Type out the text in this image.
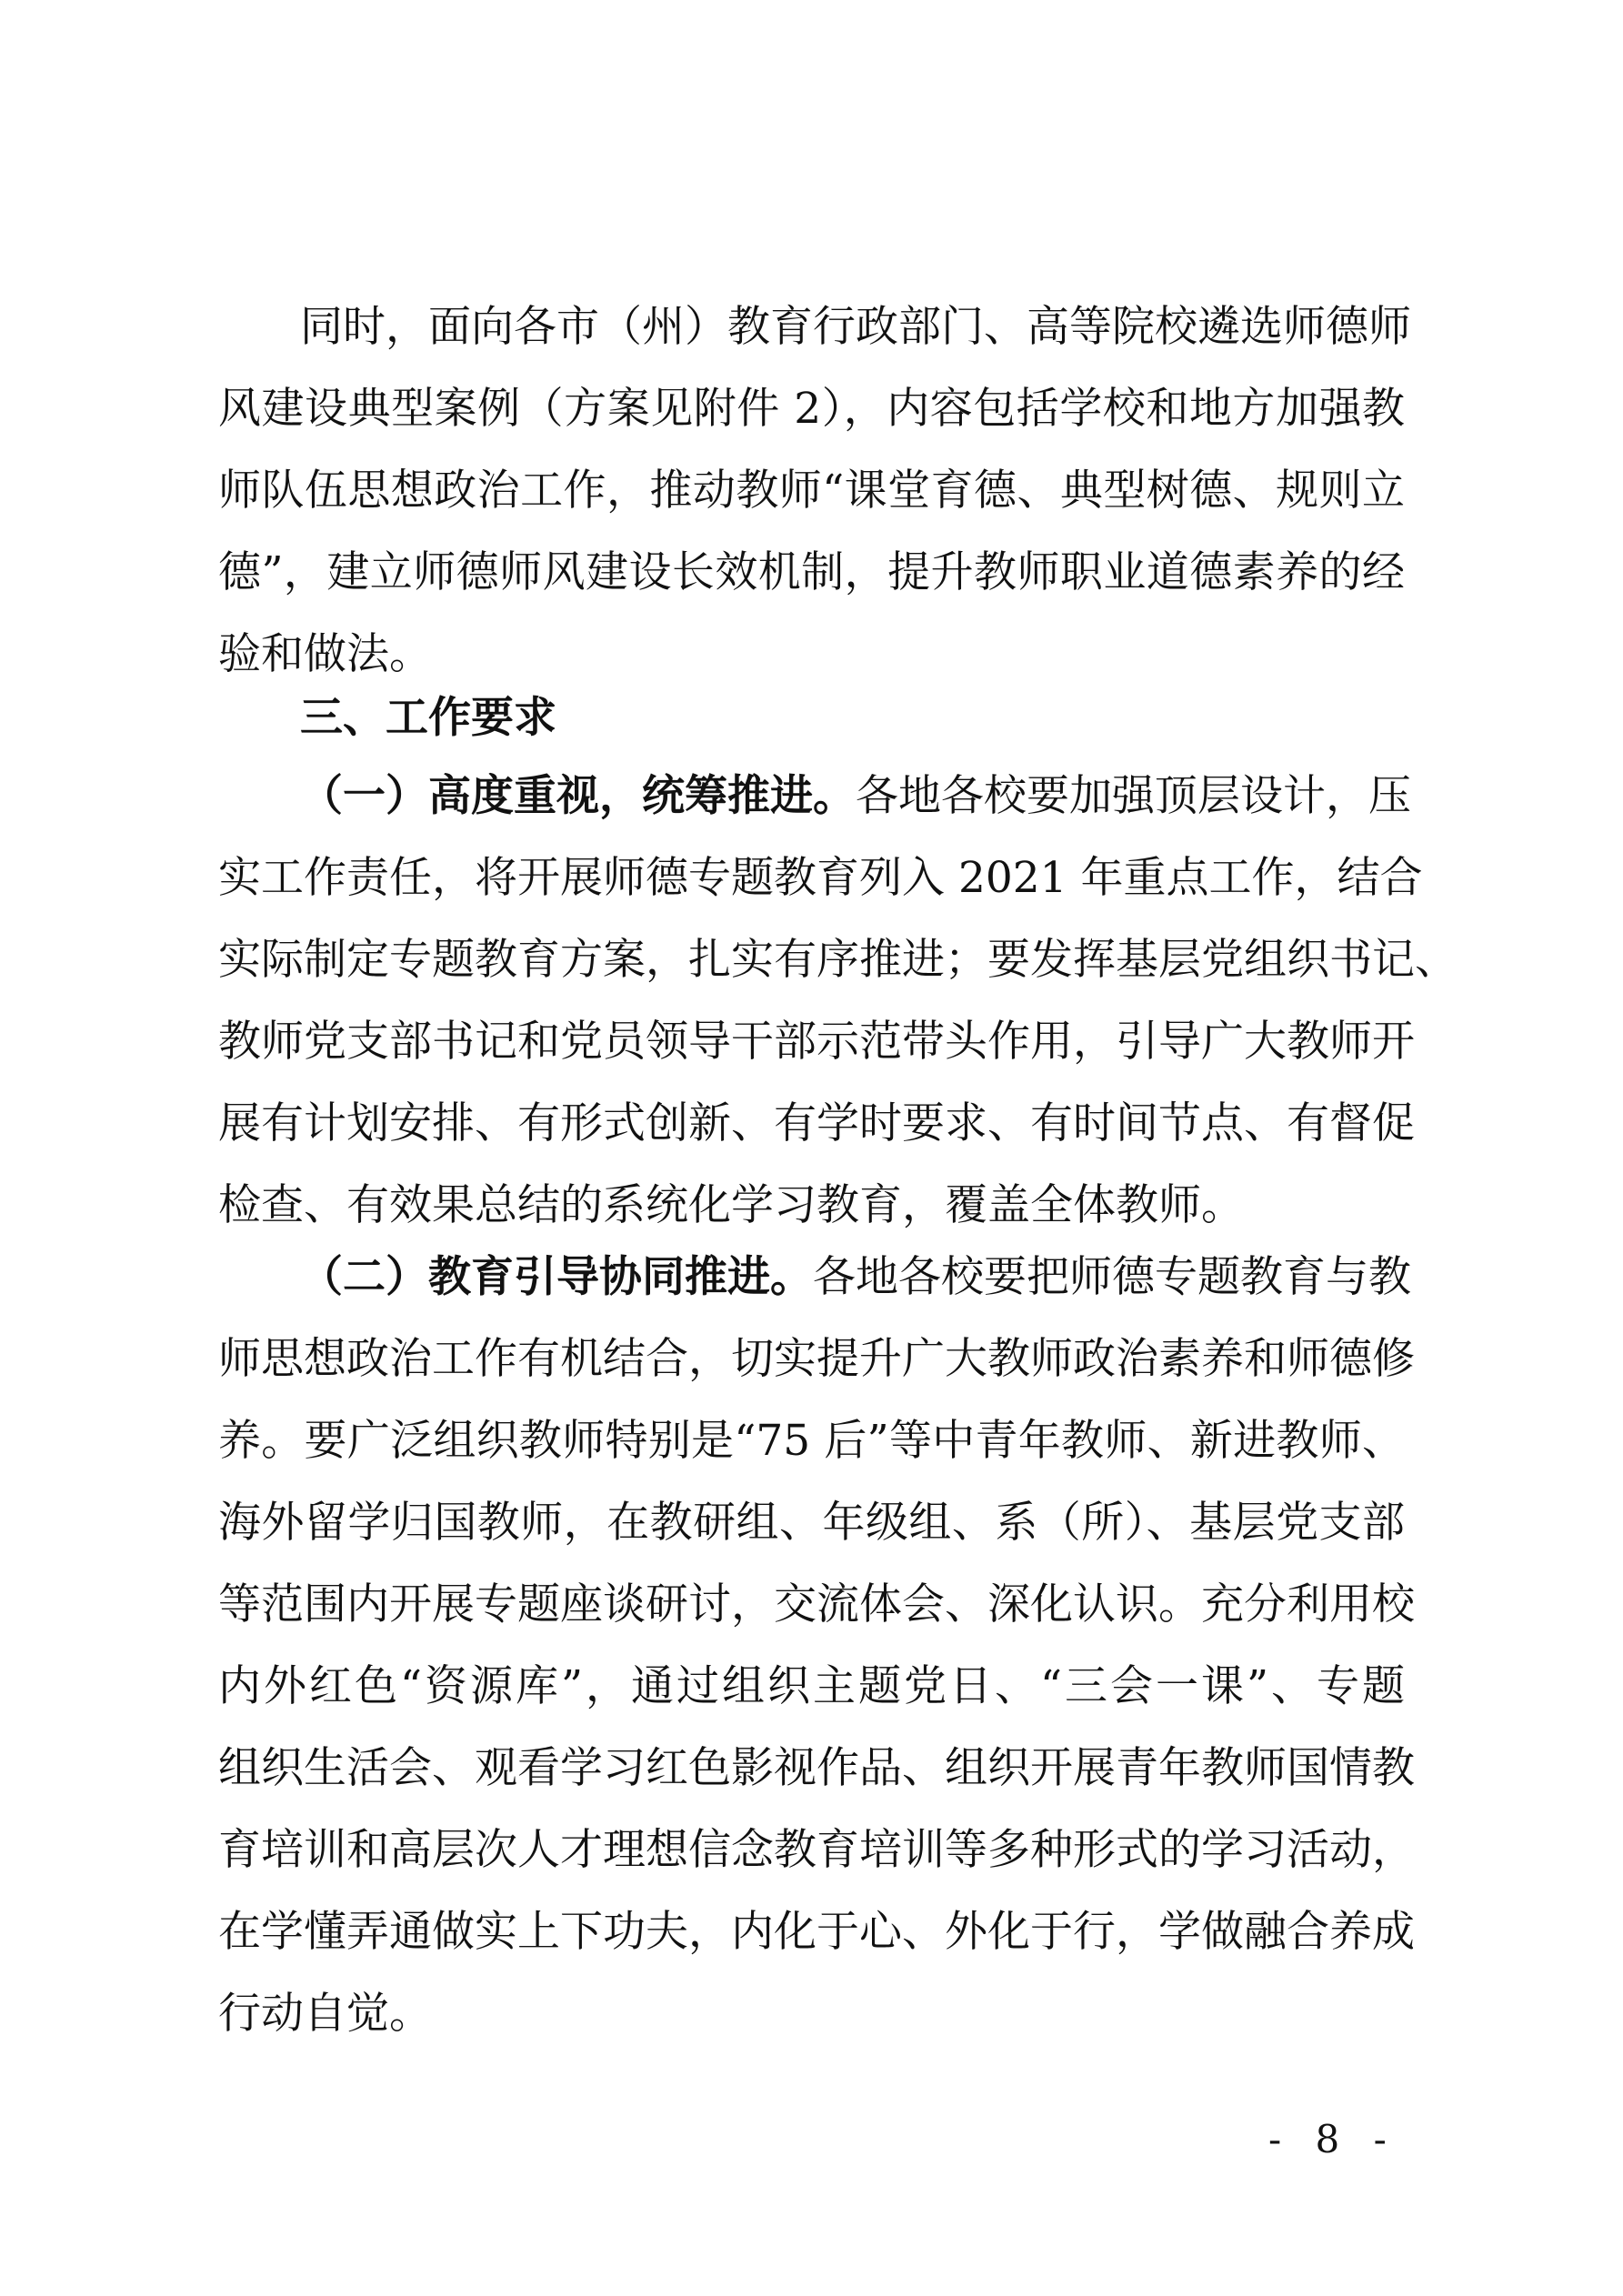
同时，面向各市（州）教育行政部门、高等院校遴选师德师
风建设典型案例（方案见附件 2），内容包括学校和地方加强教
师队伍思想政治工作，推动教师“课堂育德、典型树德、规则立
德”，建立师德师风建设长效机制，提升教师职业道德素养的经
验和做法。
三、工作要求
（一）高度重视，统筹推进。各地各校要加强顶层设计，压
实工作责任，将开展师德专题教育列入 2021 年重点工作，结合
实际制定专题教育方案，扎实有序推进；要发挥基层党组织书记、
教师党支部书记和党员领导干部示范带头作用，引导广大教师开
展有计划安排、有形式创新、有学时要求、有时间节点、有督促
检查、有效果总结的系统化学习教育，覆盖全体教师。
（二）教育引导协同推进。各地各校要把师德专题教育与教
师思想政治工作有机结合，切实提升广大教师政治素养和师德修
养。要广泛组织教师特别是“75 后”等中青年教师、新进教师、
海外留学归国教师，在教研组、年级组、系（所）、基层党支部
等范围内开展专题座谈研讨，交流体会、深化认识。充分利用校
内外红色“资源库”，通过组织主题党日、“三会一课”、专题
组织生活会、观看学习红色影视作品、组织开展青年教师国情教
育培训和高层次人才理想信念教育培训等多种形式的学习活动，
在学懂弄通做实上下功夫，内化于心、外化于行，学做融合养成
行动自觉。
- 8 -
